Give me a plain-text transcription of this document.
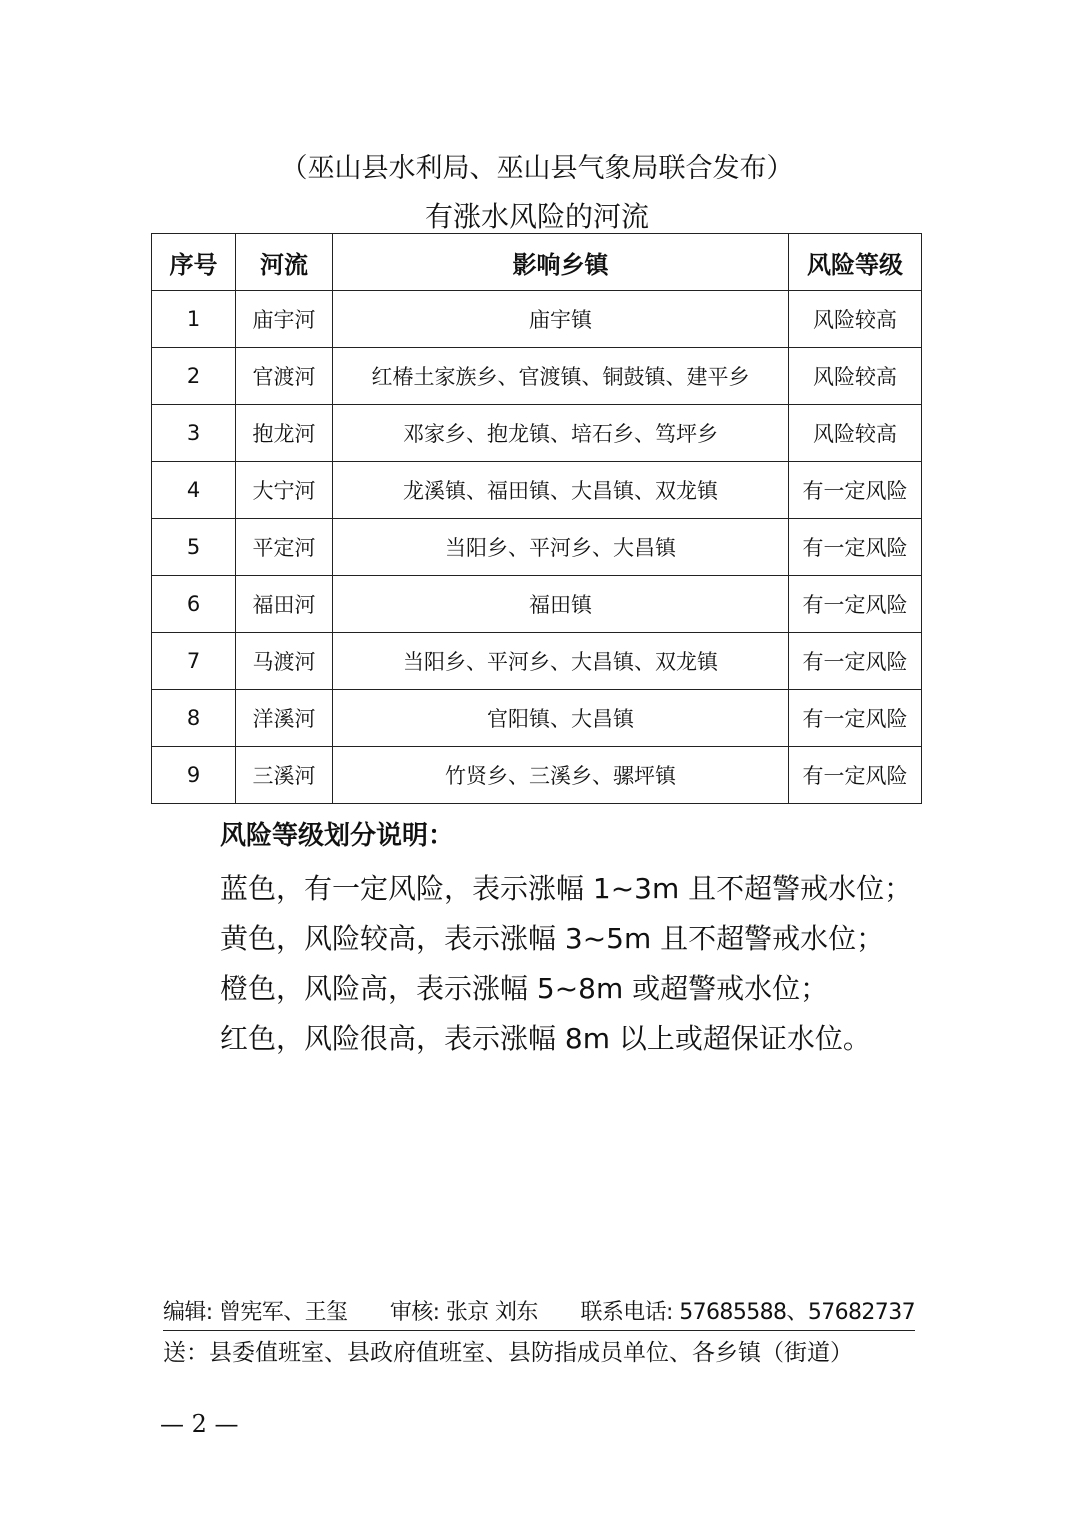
（巫山县水利局、巫山县气象局联合发布）
有涨水风险的河流
序号	河流	影响乡镇	风险等级
1	庙宇河	庙宇镇	风险较高
2	官渡河	红椿土家族乡、官渡镇、铜鼓镇、建平乡	风险较高
3	抱龙河	邓家乡、抱龙镇、培石乡、笃坪乡	风险较高
4	大宁河	龙溪镇、福田镇、大昌镇、双龙镇	有一定风险
5	平定河	当阳乡、平河乡、大昌镇	有一定风险
6	福田河	福田镇	有一定风险
7	马渡河	当阳乡、平河乡、大昌镇、双龙镇	有一定风险
8	洋溪河	官阳镇、大昌镇	有一定风险
9	三溪河	竹贤乡、三溪乡、骡坪镇	有一定风险

风险等级划分说明：

蓝色，有一定风险，表示涨幅 1~3m 且不超警戒水位；

黄色，风险较高，表示涨幅 3~5m 且不超警戒水位；

橙色，风险高，表示涨幅 5~8m 或超警戒水位；

红色，风险很高，表示涨幅 8m 以上或超保证水位。

编辑: 曾宪军、王玺	审核: 张京 刘东	联系电话: 57685588、57682737
送：县委值班室、县政府值班室、县防指成员单位、各乡镇（街道）
— 2 —
